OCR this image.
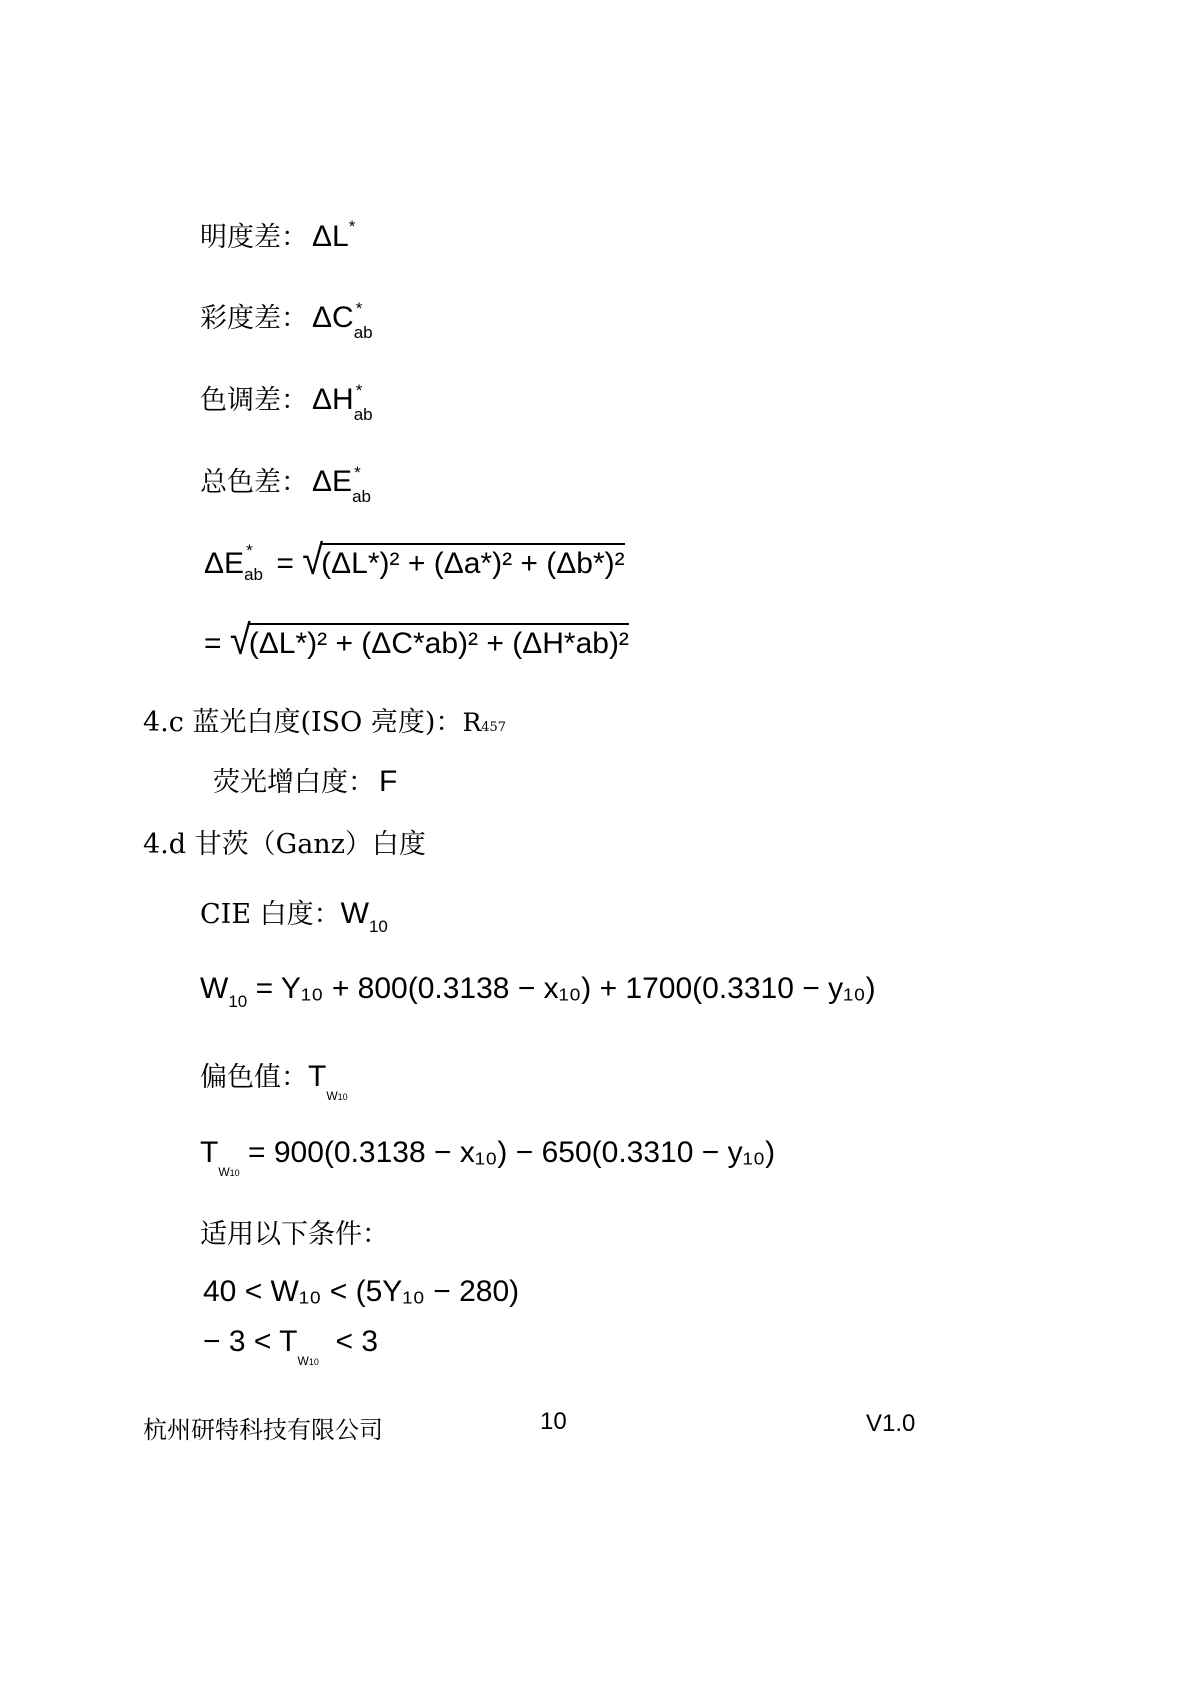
明度差： ΔL*
彩度差： ΔC *
ab
色调差： ΔH *
ab
总色差： ΔE *
ab
ΔE *
ab = √(ΔL*)² + (Δa*)² + (Δb*)²
= √(ΔL*)² + (ΔC*ab)² + (ΔH*ab)²
4.c 蓝光白度(ISO 亮度)：R457
荧光增白度： F
4.d 甘茨（Ganz）白度
CIE 白度：W10
$W_{10} = Y_{10} + 800(0.3138 - x_{10}) + 1700(0.3310 - y_{10})$
偏色值：$T_{W10}$
$T_{W10} = 900(0.3138 - x_{10}) - 650(0.3310 - y_{10})$
适用以下条件：
40 < W₁₀ < (5Y₁₀ − 280)
− $3 < T_{W10} < 3$
杭州研特科技有限公司	10	V1.0
